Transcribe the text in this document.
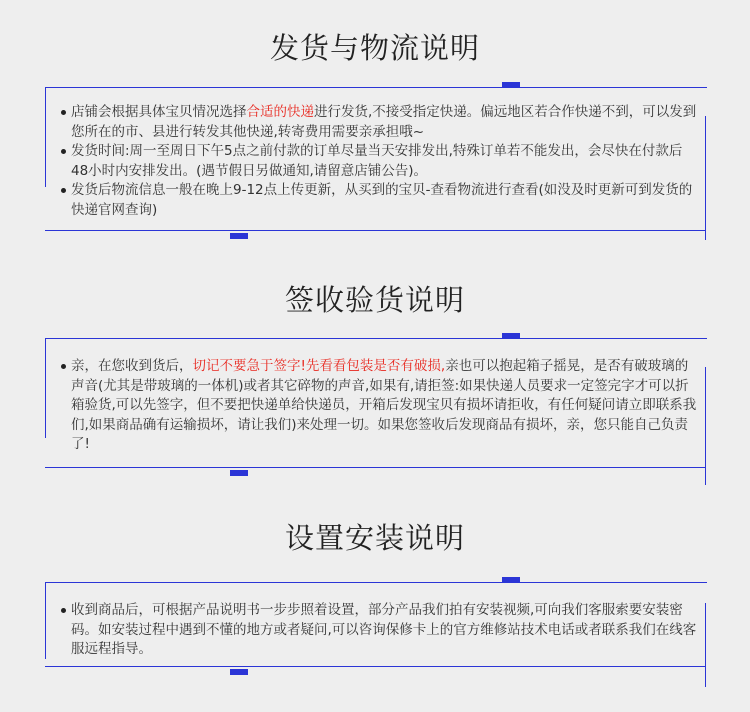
发货与物流说明
店铺会根据具体宝贝情况选择合适的快递进行发货,不接受指定快递。偏远地区若合作快递不到，可以发到您所在的市、县进行转发其他快递,转寄费用需要亲承担哦~
发货时间:周一至周日下午5点之前付款的订单尽量当天安排发出,特殊订单若不能发出，会尽快在付款后48小时内安排发出。(遇节假日另做通知,请留意店铺公告)。
发货后物流信息一般在晚上9-12点上传更新，从买到的宝贝-查看物流进行查看(如没及时更新可到发货的快递官网查询)
签收验货说明
亲，在您收到货后，切记不要急于签字!先看看包装是否有破损,亲也可以抱起箱子摇晃，是否有破玻璃的声音(尤其是带玻璃的一体机)或者其它碎物的声音,如果有,请拒签:如果快递人员要求一定签完字才可以折箱验货,可以先签字，但不要把快递单给快递员，开箱后发现宝贝有损坏请拒收，有任何疑问请立即联系我们,如果商品确有运输损坏，请让我们)来处理一切。如果您签收后发现商品有损坏，亲，您只能自己负责了!
设置安装说明
收到商品后，可根据产品说明书一步步照着设置，部分产品我们拍有安装视频,可向我们客服索要安装密码。如安装过程中遇到不懂的地方或者疑问,可以咨询保修卡上的官方维修站技术电话或者联系我们在线客服远程指导。
